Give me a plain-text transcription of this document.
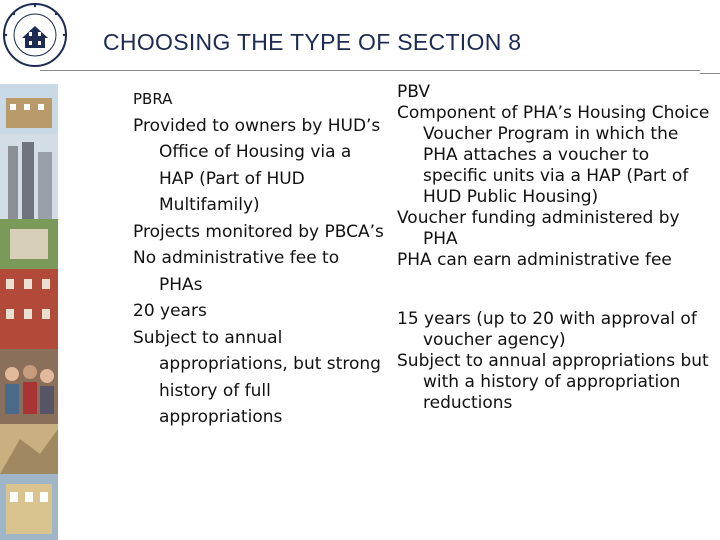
CHOOSING THE TYPE OF SECTION 8

PBRA

Provided to owners by HUD’s Office of Housing via a HAP (Part of HUD Multifamily)

Projects monitored by PBCA’s

No administrative fee to PHAs

20 years

Subject to annual appropriations, but strong history of full appropriations

PBV

Component of PHA’s Housing Choice Voucher Program in which the PHA attaches a voucher to specific units via a HAP (Part of HUD Public Housing)

Voucher funding administered by PHA

PHA can earn administrative fee

15 years (up to 20 with approval of voucher agency)

Subject to annual appropriations but with a history of appropriation reductions
